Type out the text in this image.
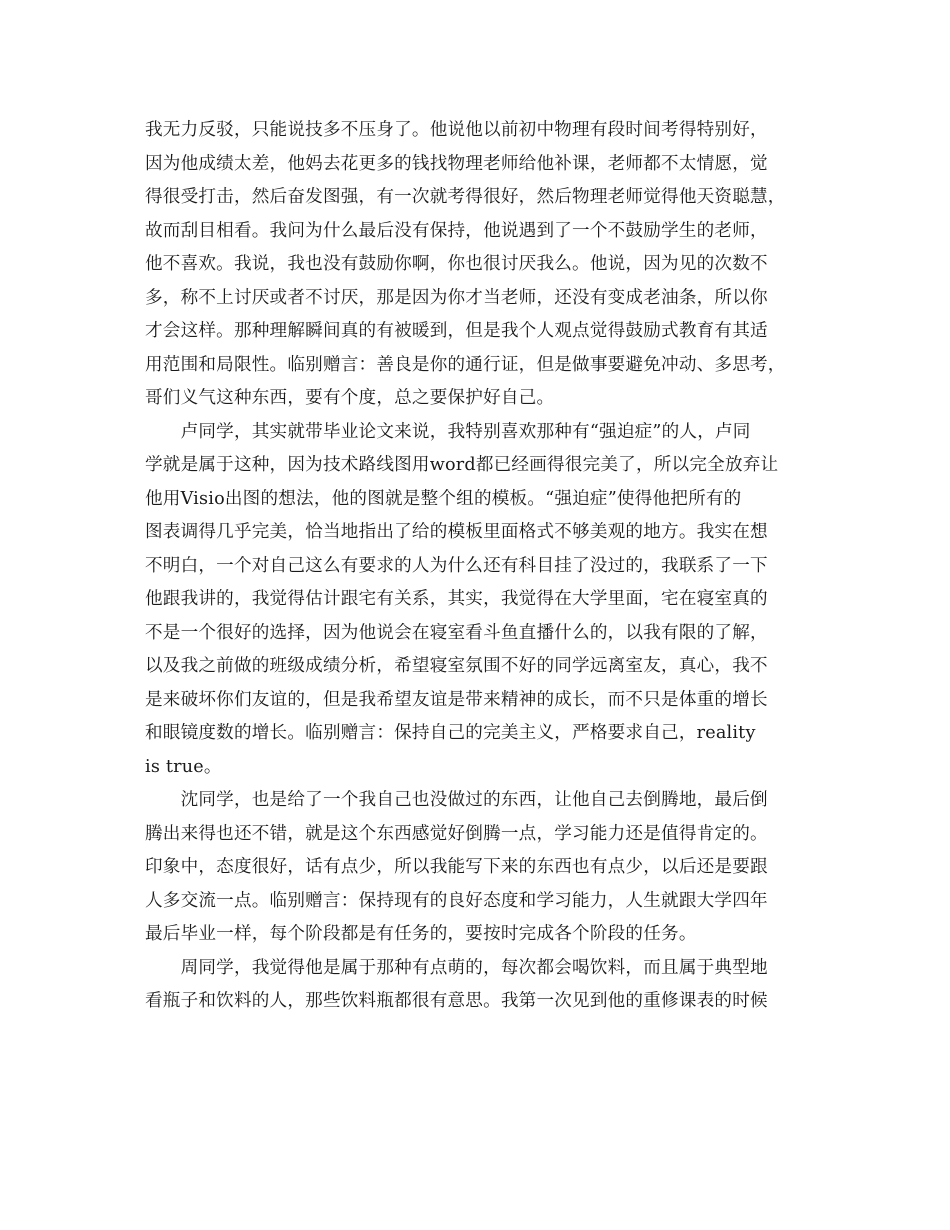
我无力反驳，只能说技多不压身了。他说他以前初中物理有段时间考得特别好，
因为他成绩太差，他妈去花更多的钱找物理老师给他补课，老师都不太情愿，觉
得很受打击，然后奋发图强，有一次就考得很好，然后物理老师觉得他天资聪慧，
故而刮目相看。我问为什么最后没有保持，他说遇到了一个不鼓励学生的老师，
他不喜欢。我说，我也没有鼓励你啊，你也很讨厌我么。他说，因为见的次数不
多，称不上讨厌或者不讨厌，那是因为你才当老师，还没有变成老油条，所以你
才会这样。那种理解瞬间真的有被暖到，但是我个人观点觉得鼓励式教育有其适
用范围和局限性。临别赠言：善良是你的通行证，但是做事要避免冲动、多思考，
哥们义气这种东西，要有个度，总之要保护好自己。
　　卢同学，其实就带毕业论文来说，我特别喜欢那种有“强迫症”的人，卢同
学就是属于这种，因为技术路线图用word都已经画得很完美了，所以完全放弃让
他用Visio出图的想法，他的图就是整个组的模板。“强迫症”使得他把所有的
图表调得几乎完美，恰当地指出了给的模板里面格式不够美观的地方。我实在想
不明白，一个对自己这么有要求的人为什么还有科目挂了没过的，我联系了一下
他跟我讲的，我觉得估计跟宅有关系，其实，我觉得在大学里面，宅在寝室真的
不是一个很好的选择，因为他说会在寝室看斗鱼直播什么的，以我有限的了解，
以及我之前做的班级成绩分析，希望寝室氛围不好的同学远离室友，真心，我不
是来破坏你们友谊的，但是我希望友谊是带来精神的成长，而不只是体重的增长
和眼镜度数的增长。临别赠言：保持自己的完美主义，严格要求自己，reality
is true。
　　沈同学，也是给了一个我自己也没做过的东西，让他自己去倒腾地，最后倒
腾出来得也还不错，就是这个东西感觉好倒腾一点，学习能力还是值得肯定的。
印象中，态度很好，话有点少，所以我能写下来的东西也有点少，以后还是要跟
人多交流一点。临别赠言：保持现有的良好态度和学习能力，人生就跟大学四年
最后毕业一样，每个阶段都是有任务的，要按时完成各个阶段的任务。
　　周同学，我觉得他是属于那种有点萌的，每次都会喝饮料，而且属于典型地
看瓶子和饮料的人，那些饮料瓶都很有意思。我第一次见到他的重修课表的时候
